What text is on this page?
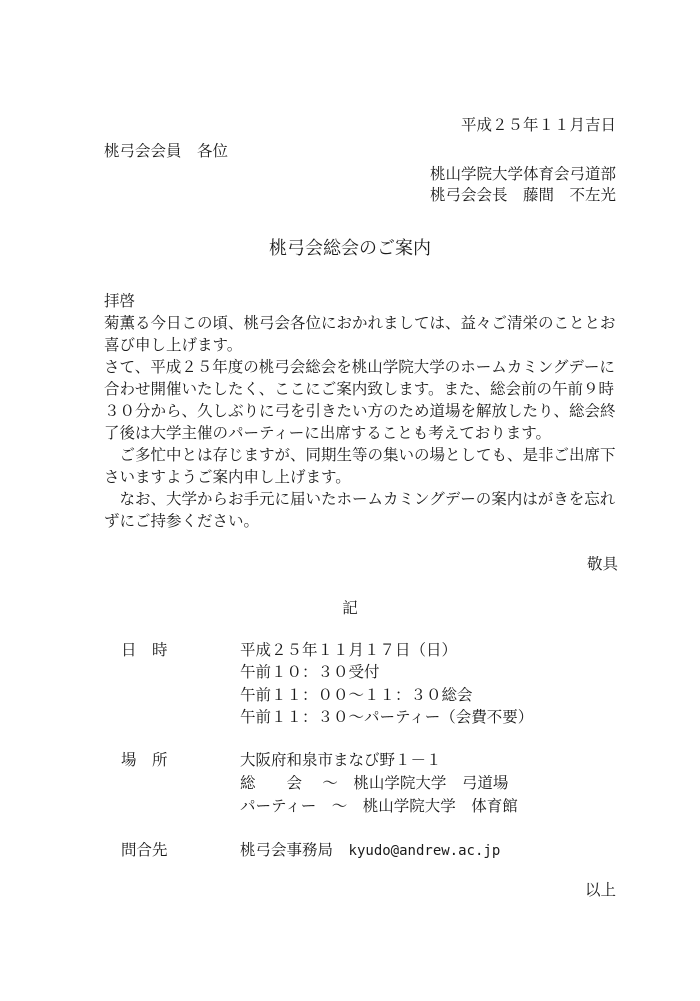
平成２５年１１月吉日
桃弓会会員　各位
桃山学院大学体育会弓道部
桃弓会会長　藤間　不左光
桃弓会総会のご案内

拝啓

菊薫る今日この頃、桃弓会各位におかれましては、益々ご清栄のこととお喜び申し上げます。

さて、平成２５年度の桃弓会総会を桃山学院大学のホームカミングデーに合わせ開催いたしたく、ここにご案内致します。また、総会前の午前９時３０分から、久しぶりに弓を引きたい方のため道場を解放したり、総会終了後は大学主催のパーティーに出席することも考えております。

ご多忙中とは存じますが、同期生等の集いの場としても、是非ご出席下さいますようご案内申し上げます。

なお、大学からお手元に届いたホームカミングデーの案内はがきを忘れずにご持参ください。

敬具
記
日　時	平成２５年１１月１７日（日）
午前１０：３０受付
午前１１：００～１１：３０総会
午前１１：３０～パーティー（会費不要）
場　所	大阪府和泉市まなび野１－１
総　　会　 ～　桃山学院大学　弓道場
パーティー　～　桃山学院大学　体育館
問合先	桃弓会事務局　 kyudo@andrew.ac.jp
以上
